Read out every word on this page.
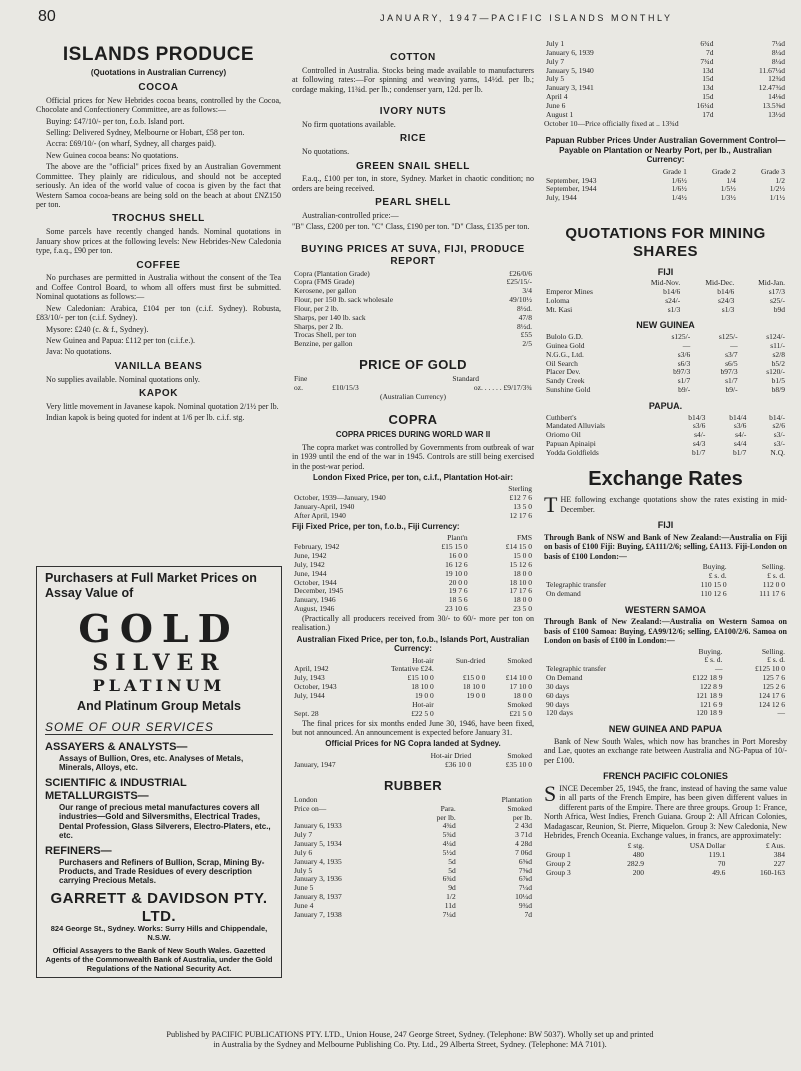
80	JANUARY, 1947—PACIFIC ISLANDS MONTHLY
ISLANDS PRODUCE
(Quotations in Australian Currency)
COCOA

Official prices for New Hebrides cocoa beans, controlled by the Cocoa, Chocolate and Confectionery Committee, are as follows:—

Buying: £47/10/- per ton, f.o.b. Island port.

Selling: Delivered Sydney, Melbourne or Hobart, £58 per ton.

Accra: £69/10/- (on wharf, Sydney, all charges paid).

New Guinea cocoa beans: No quotations.

The above are the "official" prices fixed by an Australian Government Committee. They plainly are ridiculous, and should not be accepted seriously. An idea of the world value of cocoa is given by the fact that Western Samoa cocoa-beans are being sold on the beach at about £NZ150 per ton.

TROCHUS SHELL

Some parcels have recently changed hands. Nominal quotations in January show prices at the following levels: New Hebrides-New Caledonia type, f.a.q., £90 per ton.

COFFEE

No purchases are permitted in Australia without the consent of the Tea and Coffee Control Board, to whom all offers must first be submitted. Nominal quotations as follows:—

New Caledonian: Arabica, £104 per ton (c.i.f. Sydney). Robusta, £83/10/- per ton (c.i.f. Sydney).

Mysore: £240 (c. & f., Sydney).

New Guinea and Papua: £112 per ton (c.i.f.e.).

Java: No quotations.

VANILLA BEANS

No supplies available. Nominal quotations only.

KAPOK

Very little movement in Javanese kapok. Nominal quotation 2/1½ per lb.

Indian kapok is being quoted for indent at 1/6 per lb. c.i.f. stg.

Purchasers at Full Market Prices on Assay Value of
GOLD
SILVER
PLATINUM
And Platinum Group Metals
SOME OF OUR SERVICES
ASSAYERS & ANALYSTS—
Assays of Bullion, Ores, etc. Analyses of Metals, Minerals, Alloys, etc.
SCIENTIFIC & INDUSTRIAL METALLURGISTS—
Our range of precious metal manufactures covers all industries—Gold and Silversmiths, Electrical Trades, Dental Profession, Glass Silverers, Electro-Platers, etc., etc.
REFINERS—
Purchasers and Refiners of Bullion, Scrap, Mining By-Products, and Trade Residues of every description carrying Precious Metals.
GARRETT & DAVIDSON PTY. LTD.
824 George St., Sydney. Works: Surry Hills and Chippendale, N.S.W.
Official Assayers to the Bank of New South Wales. Gazetted Agents of the Commonwealth Bank of Australia, under the Gold Regulations of the National Security Act.
COTTON

Controlled in Australia. Stocks being made available to manufacturers at following rates:—For spinning and weaving yarns, 14½d. per lb.; cordage making, 11¾d. per lb.; condenser yarn, 12d. per lb.

IVORY NUTS

No firm quotations available.

RICE

No quotations.

GREEN SNAIL SHELL

F.a.q., £100 per ton, in store, Sydney. Market in chaotic condition; no orders are being received.

PEARL SHELL

Australian-controlled price:—

"B" Class, £200 per ton. "C" Class, £190 per ton. "D" Class, £135 per ton.

BUYING PRICES AT SUVA, FIJI, PRODUCE REPORT
Copra (Plantation Grade)	£26/0/6
Copra (FMS Grade)	£25/15/-
Kerosene, per gallon	3/4
Flour, per 150 lb. sack wholesale	49/10½
Flour, per 2 lb.	8½d.
Sharps, per 140 lb. sack	47/8
Sharps, per 2 lb.	8½d.
Trocas Shell, per ton	£55
Benzine, per gallon	2/5
PRICE OF GOLD
Fine		Standard
oz.	£10/15/3	oz. . . . . . £9/17/3¾
(Australian Currency)
COPRA
COPRA PRICES DURING WORLD WAR II

The copra market was controlled by Governments from outbreak of war in 1939 until the end of the war in 1945. Controls are still being exercised in the post-war period.

London Fixed Price, per ton, c.i.f., Plantation Hot-air:
	Sterling
October, 1939—January, 1940	£12 7 6
January-April, 1940	13 5 0
After April, 1940	12 17 6
Fiji Fixed Price, per ton, f.o.b., Fiji Currency:
	Plant'n	FMS
February, 1942	£15 15 0	£14 15 0
June, 1942	16 0 0	15 0 0
July, 1942	16 12 6	15 12 6
June, 1944	19 10 0	18 0 0
October, 1944	20 0 0	18 10 0
December, 1945	19 7 6	17 17 6
January, 1946	18 5 6	18 0 0
August, 1946	23 10 6	23 5 0

(Practically all producers received from 30/- to 60/- more per ton on realisation.)

Australian Fixed Price, per ton, f.o.b., Islands Port, Australian Currency:
	Hot-air	Sun-dried	Smoked
April, 1942	Tentative £24.		
July, 1943	£15 10 0	£15 0 0	£14 10 0
October, 1943	18 10 0	18 10 0	17 10 0
July, 1944	19 0 0	19 0 0	18 0 0
	Hot-air		Smoked
Sept. 28	£22 5 0		£21 5 0

The final prices for six months ended June 30, 1946, have been fixed, but not announced. An announcement is expected before January 31.

Official Prices for NG Copra landed at Sydney.
	Hot-air Dried	Smoked
January, 1947	£36 10 0	£35 10 0
RUBBER
London		Plantation
Price on—	Para.	Smoked
	per lb.	per lb.
January 6, 1933	4¾d	2 43d
July 7	5¾d	3 71d
January 5, 1934	4¼d	4 28d
July 6	5½d	7 06d
January 4, 1935	5d	6⅝d
July 5	5d	7⅝d
January 3, 1936	6¾d	6⅞d
June 5	9d	7¼d
January 8, 1937	1/2	10¼d
June 4	11d	9¾d
January 7, 1938	7¼d	7d
July 1	6¾d	7¼d
January 6, 1939	7d	8¼d
July 7	7¾d	8¼d
January 5, 1940	13d	11.67¼d
July 5	15d	12¾d
January 3, 1941	13d	12.47¾d
April 4	15d	14⅛d
June 6	16¼d	13.5⅝d
August 1	17d	13½d
October 10—Price officially fixed at .. 13¾d
Papuan Rubber Prices Under Australian Government Control—Payable on Plantation or Nearby Port, per lb., Australian Currency:
	Grade 1	Grade 2	Grade 3
September, 1943	1/6½	1/4	1/2
September, 1944	1/6½	1/5½	1/2½
July, 1944	1/4½	1/3½	1/1½
QUOTATIONS FOR MINING SHARES
FIJI
	Mid-Nov.	Mid-Dec.	Mid-Jan.
Emperor Mines	b14/6	b14/6	s17/3
Loloma	s24/-	s24/3	s25/-
Mt. Kasi	s1/3	s1/3	b9d
NEW GUINEA
Bulolo G.D.	s125/-	s125/-	s124/-
Guinea Gold	—	—	s11/-
N.G.G., Ltd.	s3/6	s3/7	s2/8
Oil Search	s6/3	s6/5	b5/2
Placer Dev.	b97/3	b97/3	s120/-
Sandy Creek	s1/7	s1/7	b1/5
Sunshine Gold	b9/-	b9/-	b8/9
PAPUA.
Cuthbert's	b14/3	b14/4	b14/-
Mandated Alluvials	s3/6	s3/6	s2/6
Oriomo Oil	s4/-	s4/-	s3/-
Papuan Apinaipi	s4/3	s4/4	s3/-
Yodda Goldfields	b1/7	b1/7	N.Q.
Exchange Rates

THE following exchange quotations show the rates existing in mid-December.

FIJI

Through Bank of NSW and Bank of New Zealand:—Australia on Fiji on basis of £100 Fiji: Buying, £A111/2/6; selling, £A113. Fiji-London on basis of £100 London:—

	Buying.	Selling.
	£ s. d.	£ s. d.
Telegraphic transfer	110 15 0	112 0 0
On demand	110 12 6	111 17 6
WESTERN SAMOA

Through Bank of New Zealand:—Australia on Western Samoa on basis of £100 Samoa: Buying, £A99/12/6; selling, £A100/2/6. Samoa on London on basis of £100 in London:—

	Buying.	Selling.
	£ s. d.	£ s. d.
Telegraphic transfer	—	£125 10 0
On Demand	£122 18 9	125 7 6
30 days	122 8 9	125 2 6
60 days	121 18 9	124 17 6
90 days	121 6 9	124 12 6
120 days	120 18 9	—
NEW GUINEA AND PAPUA

Bank of New South Wales, which now has branches in Port Moresby and Lae, quotes an exchange rate between Australia and NG-Papua of 10/- per £100.

FRENCH PACIFIC COLONIES

SINCE December 25, 1945, the franc, instead of having the same value in all parts of the French Empire, has been given different values in different parts of the Empire. There are three groups. Group 1: France, North Africa, West Indies, French Guiana. Group 2: All African Colonies, Madagascar, Reunion, St. Pierre, Miquelon. Group 3: New Caledonia, New Hebrides, French Oceania. Exchange values, in francs, are approximately:

	£ stg.	USA Dollar	£ Aus.
Group 1	480	119.1	384
Group 2	282.9	70	227
Group 3	200	49.6	160-163
Published by PACIFIC PUBLICATIONS PTY. LTD., Union House, 247 George Street, Sydney. (Telephone: BW 5037). Wholly set up and printed
in Australia by the Sydney and Melbourne Publishing Co. Pty. Ltd., 29 Alberta Street, Sydney. (Telephone: MA 7101).
